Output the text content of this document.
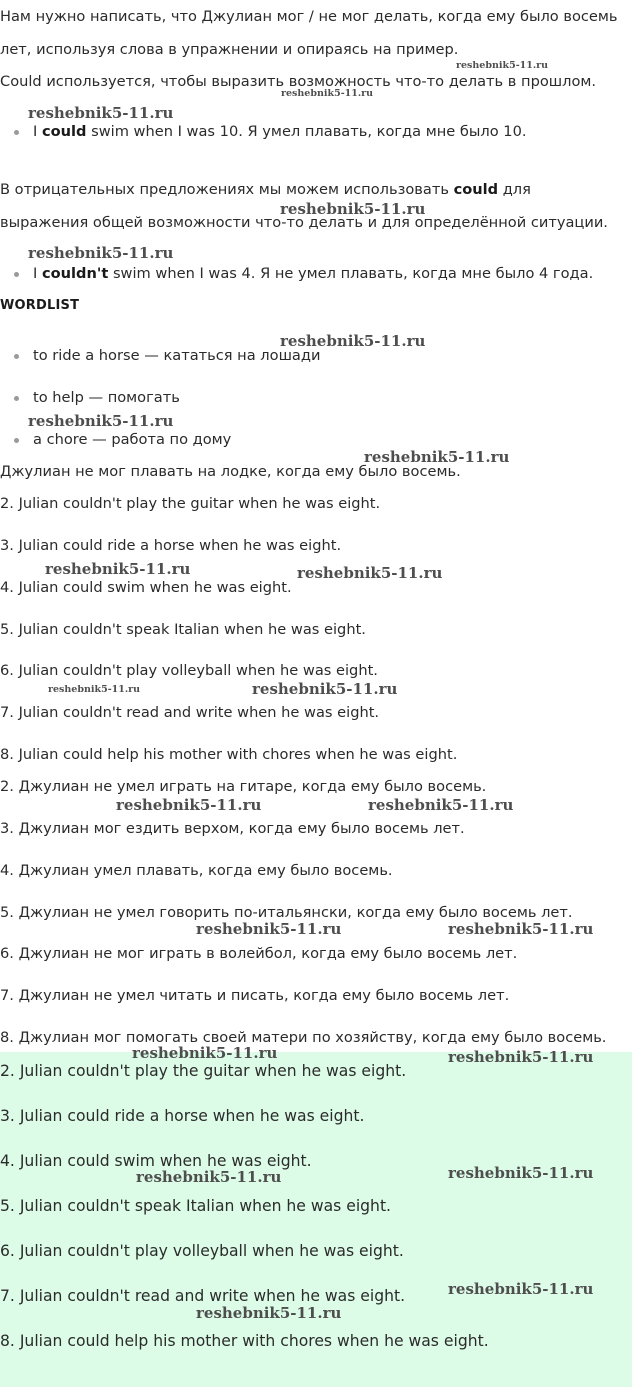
Нам нужно написать, что Джулиан мог / не мог делать, когда ему было восемь
лет, используя слова в упражнении и опираясь на пример.
Could используется, чтобы выразить возможность что-то делать в прошлом.
I could swim when I was 10. Я умел плавать, когда мне было 10.
В отрицательных предложениях мы можем использовать could для
выражения общей возможности что-то делать и для определённой ситуации.
I couldn't swim when I was 4. Я не умел плавать, когда мне было 4 года.
WORDLIST
to ride a horse — кататься на лошади
to help — помогать
a chore — работа по дому
Джулиан не мог плавать на лодке, когда ему было восемь.
2. Julian couldn't play the guitar when he was eight.
3. Julian could ride a horse when he was eight.
4. Julian could swim when he was eight.
5. Julian couldn't speak Italian when he was eight.
6. Julian couldn't play volleyball when he was eight.
7. Julian couldn't read and write when he was eight.
8. Julian could help his mother with chores when he was eight.
2. Джулиан не умел играть на гитаре, когда ему было восемь.
3. Джулиан мог ездить верхом, когда ему было восемь лет.
4. Джулиан умел плавать, когда ему было восемь.
5. Джулиан не умел говорить по-итальянски, когда ему было восемь лет.
6. Джулиан не мог играть в волейбол, когда ему было восемь лет.
7. Джулиан не умел читать и писать, когда ему было восемь лет.
8. Джулиан мог помогать своей матери по хозяйству, когда ему было восемь.
2. Julian couldn't play the guitar when he was eight.
3. Julian could ride a horse when he was eight.
4. Julian could swim when he was eight.
5. Julian couldn't speak Italian when he was eight.
6. Julian couldn't play volleyball when he was eight.
7. Julian couldn't read and write when he was eight.
8. Julian could help his mother with chores when he was eight.
reshebnik5-11.ru
reshebnik5-11.ru
reshebnik5-11.ru
reshebnik5-11.ru
reshebnik5-11.ru
reshebnik5-11.ru
reshebnik5-11.ru
reshebnik5-11.ru
reshebnik5-11.ru	reshebnik5-11.ru
reshebnik5-11.ru	reshebnik5-11.ru
reshebnik5-11.ru	reshebnik5-11.ru
reshebnik5-11.ru	reshebnik5-11.ru
reshebnik5-11.ru	reshebnik5-11.ru
reshebnik5-11.ru
reshebnik5-11.ru
reshebnik5-11.ru
reshebnik5-11.ru
